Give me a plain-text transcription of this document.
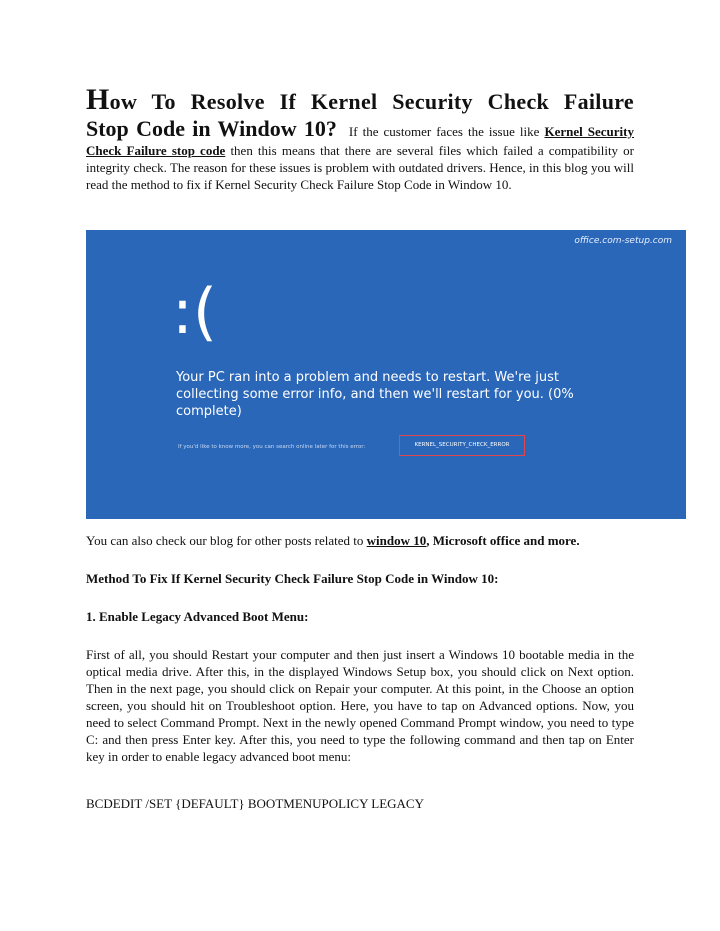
How To Resolve If Kernel Security Check Failure

Stop Code in Window 10? If the customer faces the issue like Kernel Security Check Failure stop code then this means that there are several files which failed a compatibility or integrity check. The reason for these issues is problem with outdated drivers. Hence, in this blog you will read the method to fix if Kernel Security Check Failure Stop Code in Window 10.

office.com-setup.com
:(
Your PC ran into a problem and needs to restart. We're just collecting some error info, and then we'll restart for you. (0% complete)
If you'd like to know more, you can search online later for this error:	KERNEL_SECURITY_CHECK_ERROR

You can also check our blog for other posts related to window 10, Microsoft office and more.

Method To Fix If Kernel Security Check Failure Stop Code in Window 10:

1. Enable Legacy Advanced Boot Menu:

First of all, you should Restart your computer and then just insert a Windows 10 bootable media in the optical media drive. After this, in the displayed Windows Setup box, you should click on Next option. Then in the next page, you should click on Repair your computer. At this point, in the Choose an option screen, you should hit on Troubleshoot option. Here, you have to tap on Advanced options. Now, you need to select Command Prompt. Next in the newly opened Command Prompt window, you need to type C: and then press Enter key. After this, you need to type the following command and then tap on Enter key in order to enable legacy advanced boot menu:

BCDEDIT /SET {DEFAULT} BOOTMENUPOLICY LEGACY
